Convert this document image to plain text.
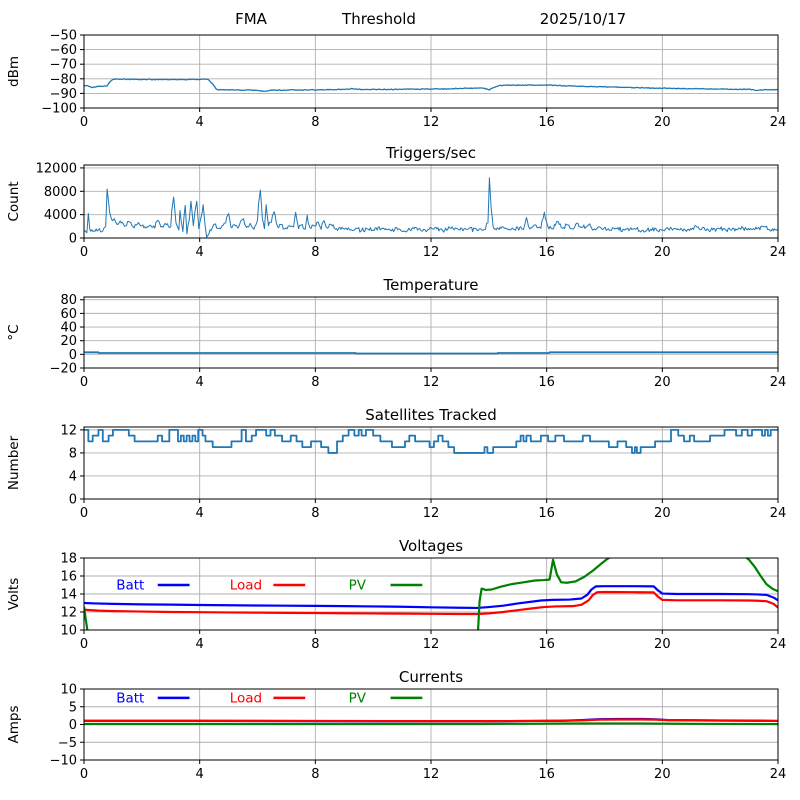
FMA	Threshold	2025/10/17
0	4	8	12	16	20	24
−100
−90
−80
−70
−60
−50
dBm
0	4	8	12	16	20	24
0
4000
8000
12000
Count
Triggers/sec
0	4	8	12	16	20	24
−20
0
20
40
60
80
°C
Temperature
0	4	8	12	16	20	24
0
4
8
12
Number
Satellites Tracked
0	4	8	12	16	20	24
10
12
14
16
18
Volts
Voltages
Batt	Load	PV
0	4	8	12	16	20	24
−10
−5
0
5
10
Amps
Currents
Batt	Load	PV
